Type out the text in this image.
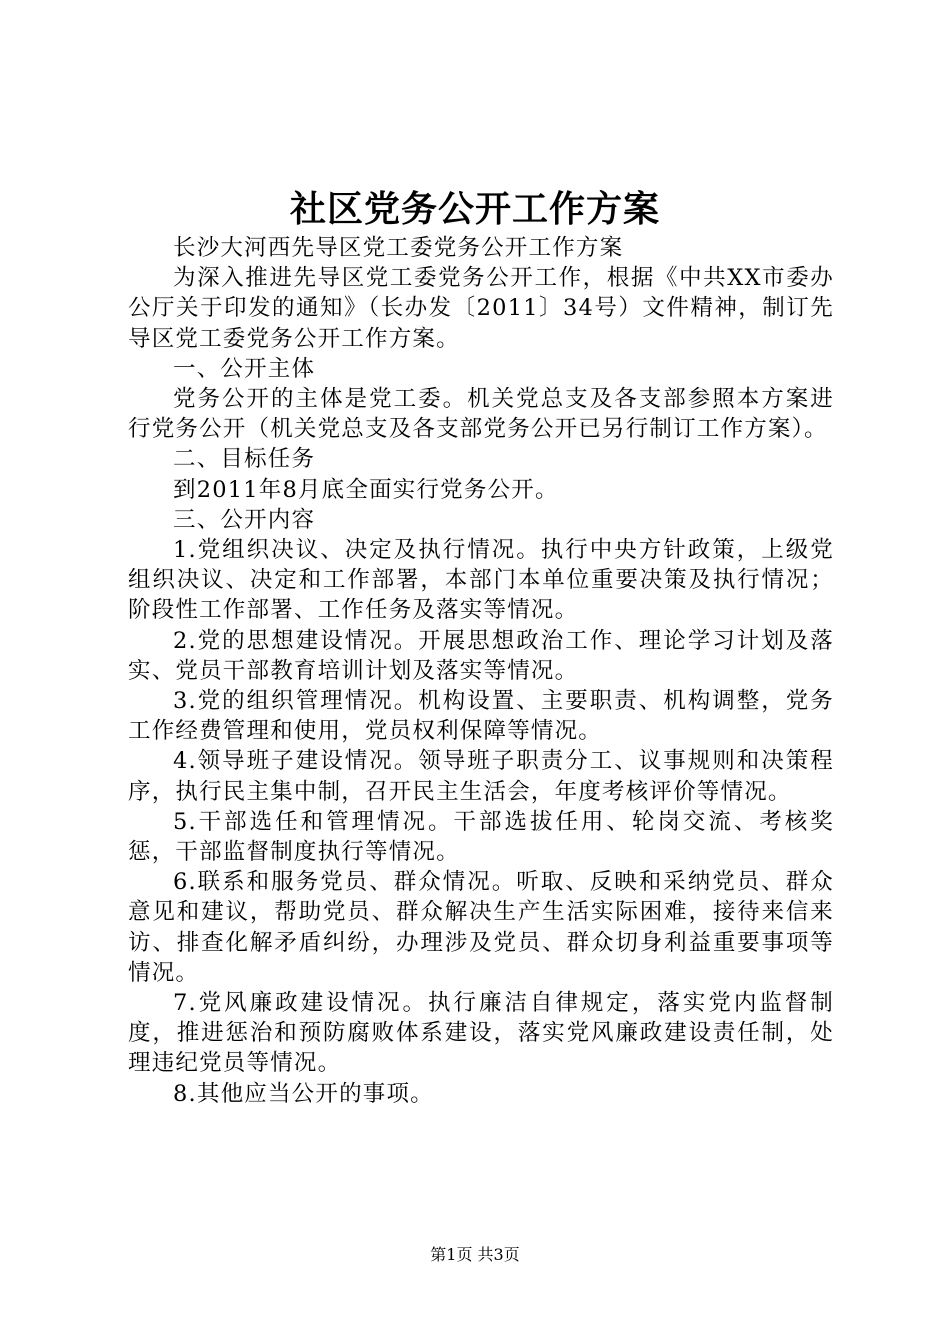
社区党务公开工作方案

长沙大河西先导区党工委党务公开工作方案

为深入推进先导区党工委党务公开工作，根据《中共XX市委办公厅关于印发的通知》（长办发〔2011〕34号）文件精神，制订先导区党工委党务公开工作方案。

一、公开主体

党务公开的主体是党工委。机关党总支及各支部参照本方案进行党务公开（机关党总支及各支部党务公开已另行制订工作方案）。

二、目标任务

到2011年8月底全面实行党务公开。

三、公开内容

1.党组织决议、决定及执行情况。执行中央方针政策，上级党组织决议、决定和工作部署，本部门本单位重要决策及执行情况；阶段性工作部署、工作任务及落实等情况。

2.党的思想建设情况。开展思想政治工作、理论学习计划及落实、党员干部教育培训计划及落实等情况。

3.党的组织管理情况。机构设置、主要职责、机构调整，党务工作经费管理和使用，党员权利保障等情况。

4.领导班子建设情况。领导班子职责分工、议事规则和决策程序，执行民主集中制，召开民主生活会，年度考核评价等情况。

5.干部选任和管理情况。干部选拔任用、轮岗交流、考核奖惩，干部监督制度执行等情况。

6.联系和服务党员、群众情况。听取、反映和采纳党员、群众意见和建议，帮助党员、群众解决生产生活实际困难，接待来信来访、排查化解矛盾纠纷，办理涉及党员、群众切身利益重要事项等情况。

7.党风廉政建设情况。执行廉洁自律规定，落实党内监督制度，推进惩治和预防腐败体系建设，落实党风廉政建设责任制，处理违纪党员等情况。

8.其他应当公开的事项。

第1页 共3页
